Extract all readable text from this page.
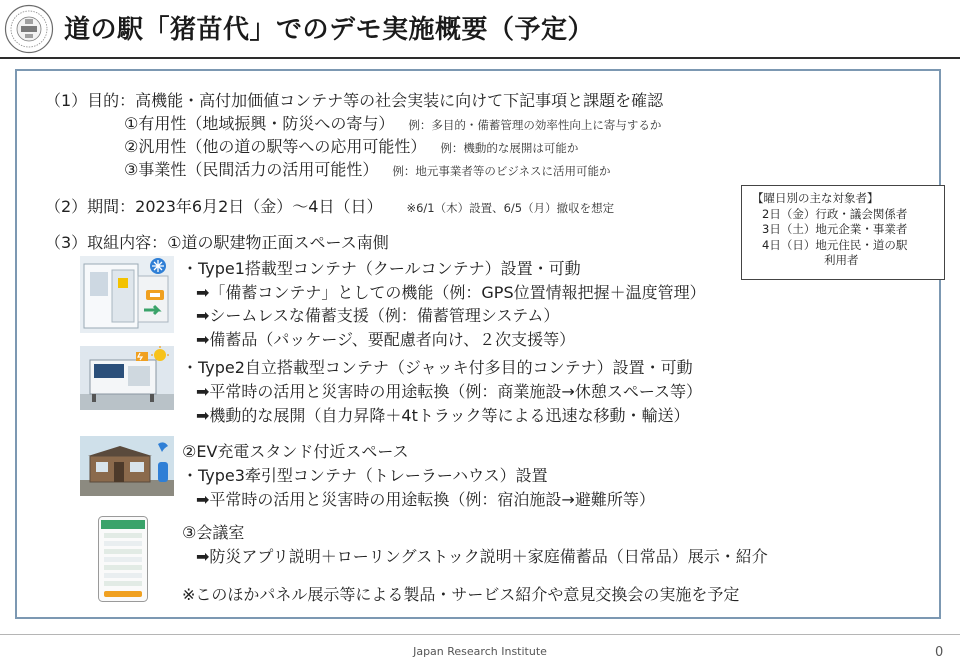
道の駅「猪苗代」でのデモ実施概要（予定）
（1）目的：高機能・高付加価値コンテナ等の社会実装に向けて下記事項と課題を確認
①有用性（地域振興・防災への寄与） 例：多目的・備蓄管理の効率性向上に寄与するか
②汎用性（他の道の駅等への応用可能性） 例：機動的な展開は可能か
③事業性（民間活力の活用可能性） 例：地元事業者等のビジネスに活用可能か
（2）期間：2023年6月2日（金）〜4日（日） ※6/1（木）設置、6/5（月）撤収を想定
【曜日別の主な対象者】
2日（金）行政・議会関係者
3日（土）地元企業・事業者
4日（日）地元住民・道の駅
利用者
（3）取組内容：①道の駅建物正面スペース南側
・Type1搭載型コンテナ（クールコンテナ）設置・可動
➡「備蓄コンテナ」としての機能（例：GPS位置情報把握＋温度管理）
➡シームレスな備蓄支援（例：備蓄管理システム）
➡備蓄品（パッケージ、要配慮者向け、２次支援等）
・Type2自立搭載型コンテナ（ジャッキ付多目的コンテナ）設置・可動
➡平常時の活用と災害時の用途転換（例：商業施設→休憩スペース等）
➡機動的な展開（自力昇降＋4tトラック等による迅速な移動・輸送）
②EV充電スタンド付近スペース
・Type3牽引型コンテナ（トレーラーハウス）設置
➡平常時の活用と災害時の用途転換（例：宿泊施設→避難所等）
③会議室
➡防災アプリ説明＋ローリングストック説明＋家庭備蓄品（日常品）展示・紹介
※このほかパネル展示等による製品・サービス紹介や意見交換会の実施を予定
Japan Research Institute	0
